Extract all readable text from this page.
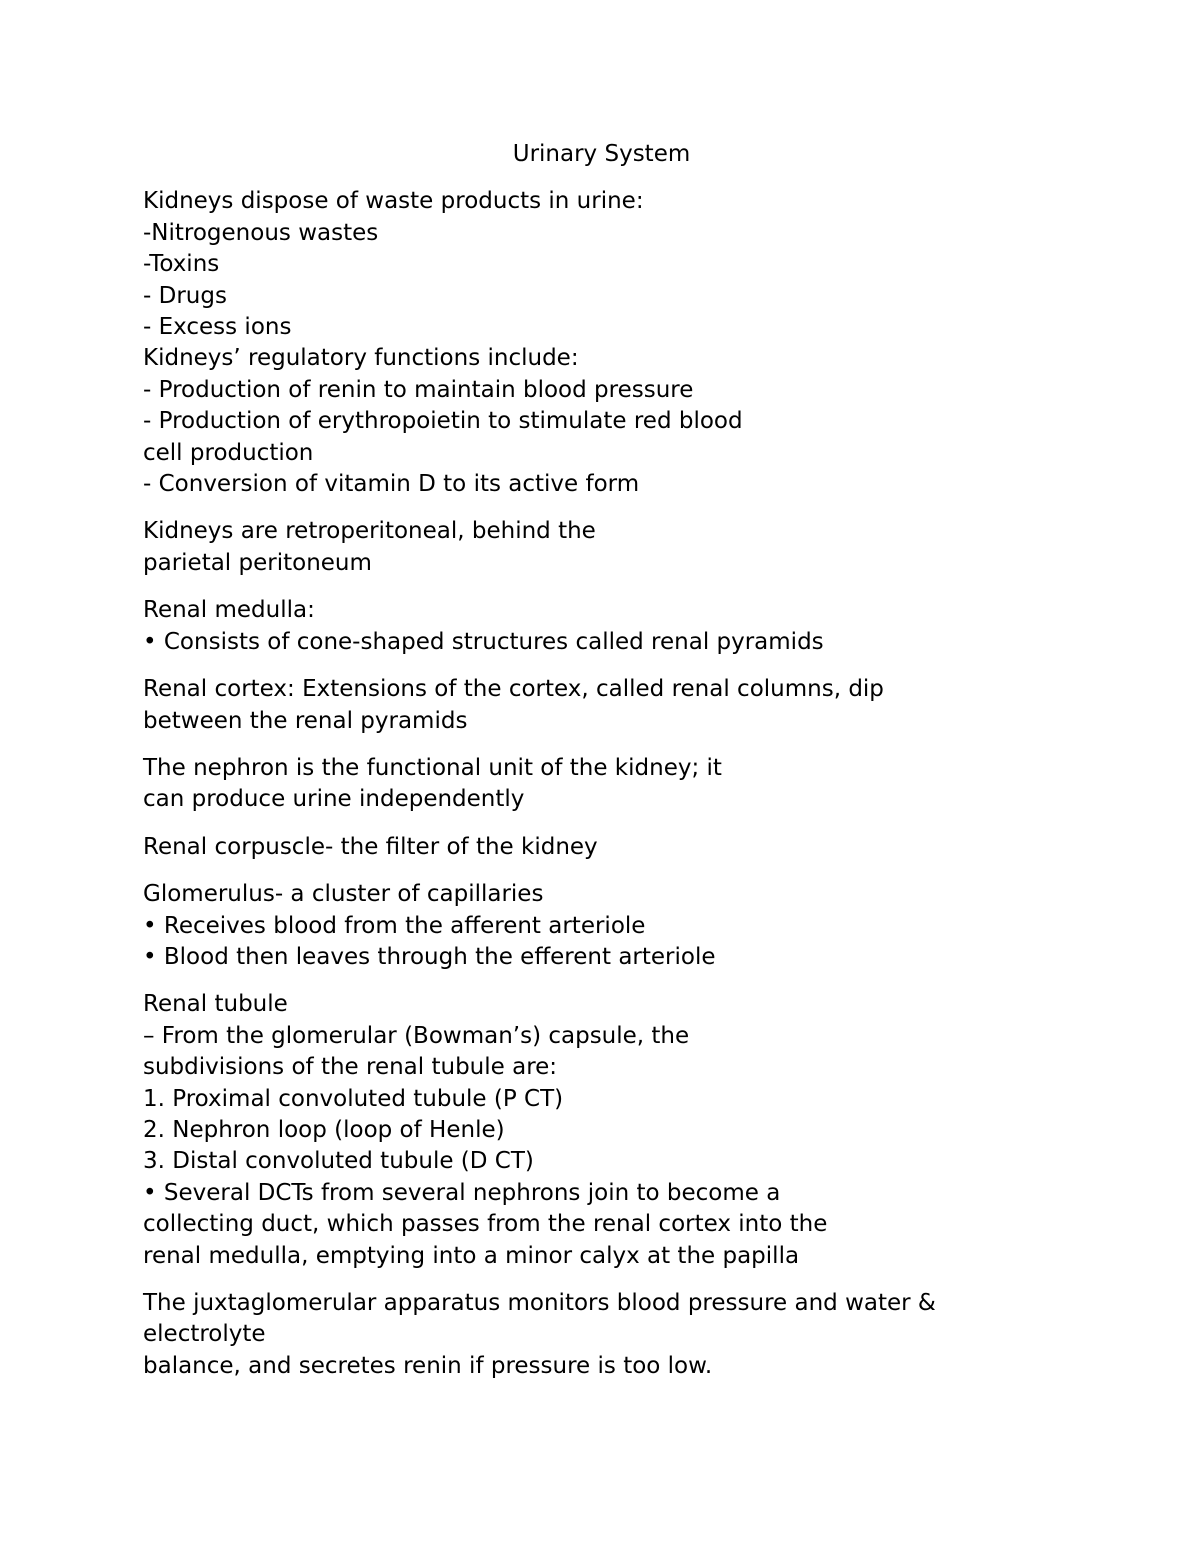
Urinary System
Kidneys dispose of waste products in urine:
-Nitrogenous wastes
-Toxins
- Drugs
- Excess ions
Kidneys’ regulatory functions include:
- Production of renin to maintain blood pressure
- Production of erythropoietin to stimulate red blood
cell production
- Conversion of vitamin D to its active form
Kidneys are retroperitoneal, behind the
parietal peritoneum
Renal medulla:
• Consists of cone-shaped structures called renal pyramids
Renal cortex: Extensions of the cortex, called renal columns, dip
between the renal pyramids
The nephron is the functional unit of the kidney; it
can produce urine independently
Renal corpuscle- the filter of the kidney
Glomerulus- a cluster of capillaries
• Receives blood from the afferent arteriole
• Blood then leaves through the efferent arteriole
Renal tubule
– From the glomerular (Bowman’s) capsule, the
subdivisions of the renal tubule are:
1. Proximal convoluted tubule (P CT)
2. Nephron loop (loop of Henle)
3. Distal convoluted tubule (D CT)
• Several DCTs from several nephrons join to become a
collecting duct, which passes from the renal cortex into the
renal medulla, emptying into a minor calyx at the papilla
The juxtaglomerular apparatus monitors blood pressure and water &
electrolyte
balance, and secretes renin if pressure is too low.
